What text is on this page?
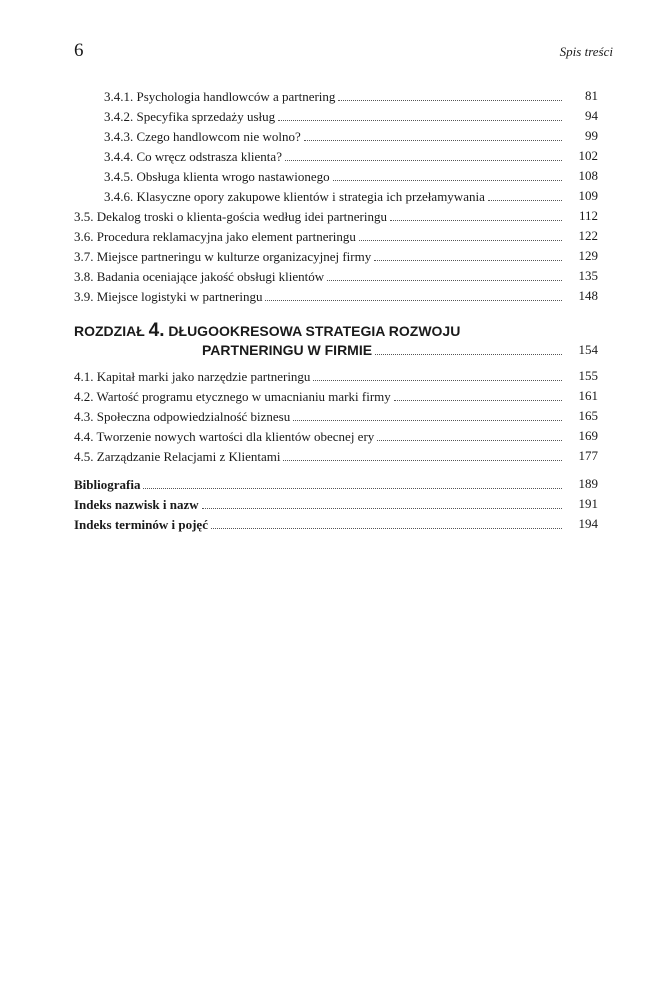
6	Spis treści
3.4.1. Psychologia handlowców a partnering	81
3.4.2. Specyfika sprzedaży usług	94
3.4.3. Czego handlowcom nie wolno?	99
3.4.4. Co wręcz odstrasza klienta?	102
3.4.5. Obsługa klienta wrogo nastawionego	108
3.4.6. Klasyczne opory zakupowe klientów i strategia ich przełamywania	109
3.5. Dekalog troski o klienta-gościa według idei partneringu	112
3.6. Procedura reklamacyjna jako element partneringu	122
3.7. Miejsce partneringu w kulturze organizacyjnej firmy	129
3.8. Badania oceniające jakość obsługi klientów	135
3.9. Miejsce logistyki w partneringu	148
ROZDZIAŁ 4. DŁUGOOKRESOWA STRATEGIA ROZWOJU
PARTNERINGU W FIRMIE	154
4.1. Kapitał marki jako narzędzie partneringu	155
4.2. Wartość programu etycznego w umacnianiu marki firmy	161
4.3. Społeczna odpowiedzialność biznesu	165
4.4. Tworzenie nowych wartości dla klientów obecnej ery	169
4.5. Zarządzanie Relacjami z Klientami	177
Bibliografia	189
Indeks nazwisk i nazw	191
Indeks terminów i pojęć	194
